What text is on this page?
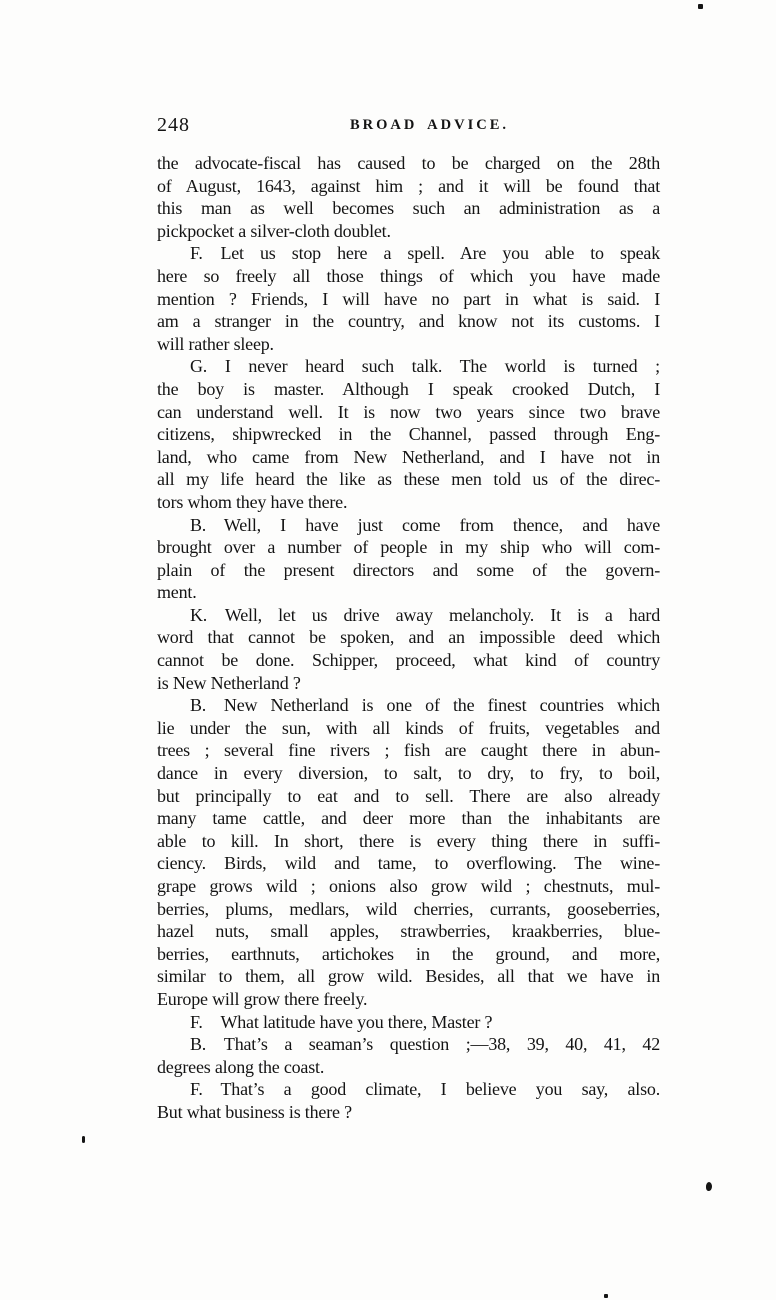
248	BROAD ADVICE.
the advocate-fiscal has caused to be charged on the 28th
of August, 1643, against him ; and it will be found that
this man as well becomes such an administration as a
pickpocket a silver-cloth doublet.
F. Let us stop here a spell. Are you able to speak
here so freely all those things of which you have made
mention ? Friends, I will have no part in what is said. I
am a stranger in the country, and know not its customs. I
will rather sleep.
G. I never heard such talk. The world is turned ;
the boy is master. Although I speak crooked Dutch, I
can understand well. It is now two years since two brave
citizens, shipwrecked in the Channel, passed through Eng-
land, who came from New Netherland, and I have not in
all my life heard the like as these men told us of the direc-
tors whom they have there.
B. Well, I have just come from thence, and have
brought over a number of people in my ship who will com-
plain of the present directors and some of the govern-
ment.
K. Well, let us drive away melancholy. It is a hard
word that cannot be spoken, and an impossible deed which
cannot be done. Schipper, proceed, what kind of country
is New Netherland ?
B. New Netherland is one of the finest countries which
lie under the sun, with all kinds of fruits, vegetables and
trees ; several fine rivers ; fish are caught there in abun-
dance in every diversion, to salt, to dry, to fry, to boil,
but principally to eat and to sell. There are also already
many tame cattle, and deer more than the inhabitants are
able to kill. In short, there is every thing there in suffi-
ciency. Birds, wild and tame, to overflowing. The wine-
grape grows wild ; onions also grow wild ; chestnuts, mul-
berries, plums, medlars, wild cherries, currants, gooseberries,
hazel nuts, small apples, strawberries, kraakberries, blue-
berries, earthnuts, artichokes in the ground, and more,
similar to them, all grow wild. Besides, all that we have in
Europe will grow there freely.
F. What latitude have you there, Master ?
B. That’s a seaman’s question ;—38, 39, 40, 41, 42
degrees along the coast.
F. That’s a good climate, I believe you say, also.
But what business is there ?
